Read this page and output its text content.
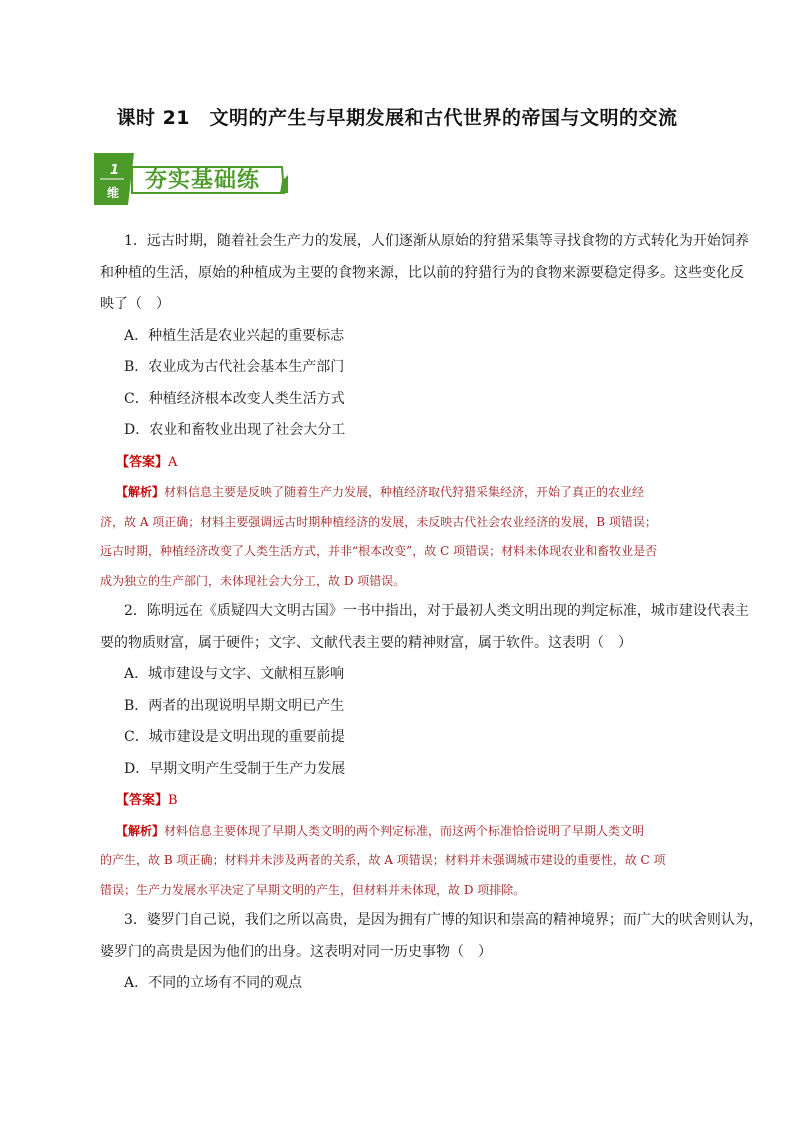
课时 21　文明的产生与早期发展和古代世界的帝国与文明的交流
1
维 夯实基础练
1．远古时期，随着社会生产力的发展，人们逐渐从原始的狩猎采集等寻找食物的方式转化为开始饲养
和种植的生活，原始的种植成为主要的食物来源，比以前的狩猎行为的食物来源要稳定得多。这些变化反
映了（　）
A．种植生活是农业兴起的重要标志
B．农业成为古代社会基本生产部门
C．种植经济根本改变人类生活方式
D．农业和畜牧业出现了社会大分工
【答案】A
【解析】材料信息主要是反映了随着生产力发展，种植经济取代狩猎采集经济，开始了真正的农业经
济，故 A 项正确；材料主要强调远古时期种植经济的发展，未反映古代社会农业经济的发展，B 项错误；
远古时期，种植经济改变了人类生活方式，并非“根本改变”，故 C 项错误；材料未体现农业和畜牧业是否
成为独立的生产部门，未体现社会大分工，故 D 项错误。
2．陈明远在《质疑四大文明古国》一书中指出，对于最初人类文明出现的判定标准，城市建设代表主
要的物质财富，属于硬件；文字、文献代表主要的精神财富，属于软件。这表明（　）
A．城市建设与文字、文献相互影响
B．两者的出现说明早期文明已产生
C．城市建设是文明出现的重要前提
D．早期文明产生受制于生产力发展
【答案】B
【解析】材料信息主要体现了早期人类文明的两个判定标准，而这两个标准恰恰说明了早期人类文明
的产生，故 B 项正确；材料并未涉及两者的关系，故 A 项错误；材料并未强调城市建设的重要性，故 C 项
错误；生产力发展水平决定了早期文明的产生，但材料并未体现，故 D 项排除。
3．婆罗门自己说，我们之所以高贵，是因为拥有广博的知识和崇高的精神境界；而广大的吠舍则认为，
婆罗门的高贵是因为他们的出身。这表明对同一历史事物（　）
A．不同的立场有不同的观点
